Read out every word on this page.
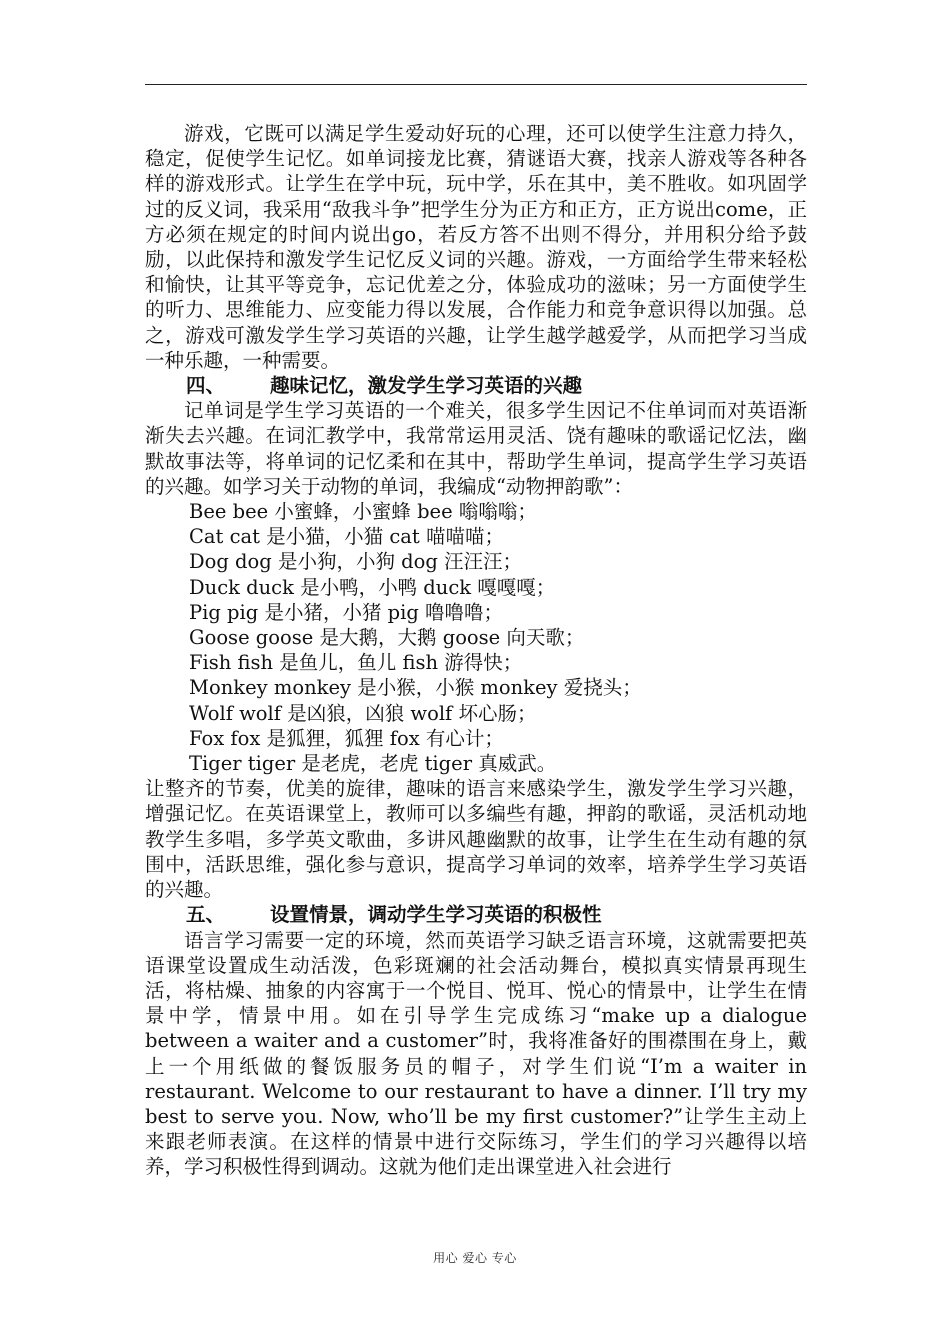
游戏，它既可以满足学生爱动好玩的心理，还可以使学生注意力持久，稳定，促使学生记忆。如单词接龙比赛，猜谜语大赛，找亲人游戏等各种各样的游戏形式。让学生在学中玩，玩中学，乐在其中，美不胜收。如巩固学过的反义词，我采用“敌我斗争”把学生分为正方和正方，正方说出come，正方必须在规定的时间内说出go，若反方答不出则不得分，并用积分给予鼓励，以此保持和激发学生记忆反义词的兴趣。游戏，一方面给学生带来轻松和愉快，让其平等竞争，忘记优差之分，体验成功的滋味；另一方面使学生的听力、思维能力、应变能力得以发展，合作能力和竞争意识得以加强。总之，游戏可激发学生学习英语的兴趣，让学生越学越爱学，从而把学习当成一种乐趣，一种需要。

四、 趣味记忆，激发学生学习英语的兴趣

记单词是学生学习英语的一个难关，很多学生因记不住单词而对英语渐渐失去兴趣。在词汇教学中，我常常运用灵活、饶有趣味的歌谣记忆法，幽默故事法等，将单词的记忆柔和在其中，帮助学生单词，提高学生学习英语的兴趣。如学习关于动物的单词，我编成“动物押韵歌”：

Bee bee 小蜜蜂，小蜜蜂 bee 嗡嗡嗡；
Cat cat 是小猫，小猫 cat 喵喵喵；
Dog dog 是小狗，小狗 dog 汪汪汪；
Duck duck 是小鸭，小鸭 duck 嘎嘎嘎；
Pig pig 是小猪，小猪 pig 噜噜噜；
Goose goose 是大鹅，大鹅 goose 向天歌；
Fish fish 是鱼儿，鱼儿 fish 游得快；
Monkey monkey 是小猴，小猴 monkey 爱挠头；
Wolf wolf 是凶狼，凶狼 wolf 坏心肠；
Fox fox 是狐狸，狐狸 fox 有心计；
Tiger tiger 是老虎，老虎 tiger 真威武。

让整齐的节奏，优美的旋律，趣味的语言来感染学生，激发学生学习兴趣，增强记忆。在英语课堂上，教师可以多编些有趣，押韵的歌谣，灵活机动地教学生多唱，多学英文歌曲，多讲风趣幽默的故事，让学生在生动有趣的氛围中，活跃思维，强化参与意识，提高学习单词的效率，培养学生学习英语的兴趣。

五、 设置情景，调动学生学习英语的积极性

语言学习需要一定的环境，然而英语学习缺乏语言环境，这就需要把英语课堂设置成生动活泼，色彩斑斓的社会活动舞台，模拟真实情景再现生活，将枯燥、抽象的内容寓于一个悦目、悦耳、悦心的情景中，让学生在情景中学，情景中用。如在引导学生完成练习“make up a dialogue between a waiter and a customer”时，我将准备好的围襟围在身上，戴上一个用纸做的餐饭服务员的帽子，对学生们说“I’m a waiter in restaurant. Welcome to our restaurant to have a dinner. I’ll try my best to serve you. Now, who’ll be my first customer?”让学生主动上来跟老师表演。在这样的情景中进行交际练习，学生们的学习兴趣得以培养，学习积极性得到调动。这就为他们走出课堂进入社会进行

用心 爱心 专心
